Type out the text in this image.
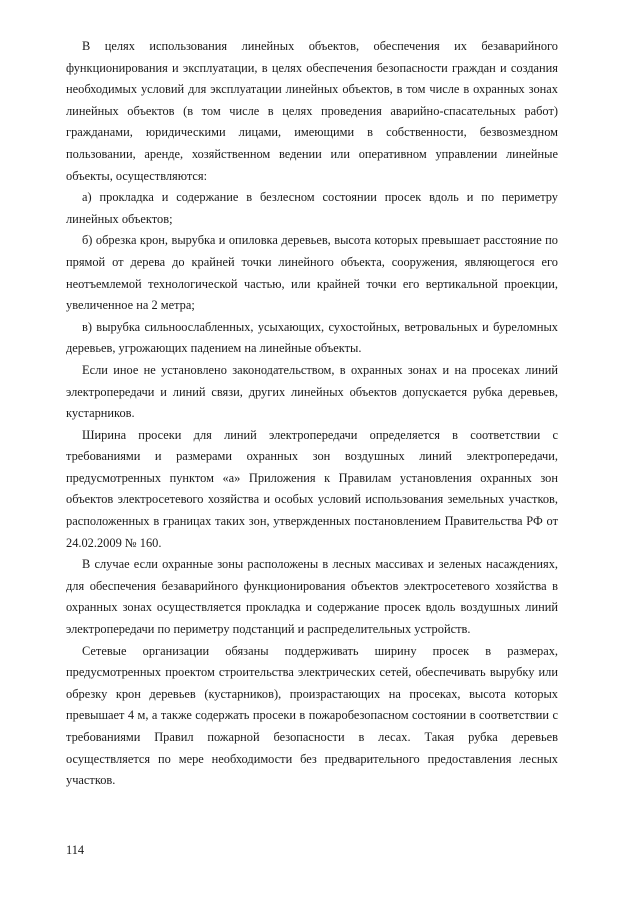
В целях использования линейных объектов, обеспечения их безаварийного функционирования и эксплуатации, в целях обеспечения безопасности граждан и создания необходимых условий для эксплуатации линейных объектов, в том числе в охранных зонах линейных объектов (в том числе в целях проведения аварийно-спасательных работ) гражданами, юридическими лицами, имеющими в собственности, безвозмездном пользовании, аренде, хозяйственном ведении или оперативном управлении линейные объекты, осуществляются:

а) прокладка и содержание в безлесном состоянии просек вдоль и по периметру линейных объектов;

б) обрезка крон, вырубка и опиловка деревьев, высота которых превышает расстояние по прямой от дерева до крайней точки линейного объекта, сооружения, являющегося его неотъемлемой технологической частью, или крайней точки его вертикальной проекции, увеличенное на 2 метра;

в) вырубка сильноослабленных, усыхающих, сухостойных, ветровальных и буреломных деревьев, угрожающих падением на линейные объекты.

Если иное не установлено законодательством, в охранных зонах и на просеках линий электропередачи и линий связи, других линейных объектов допускается рубка деревьев, кустарников.

Ширина просеки для линий электропередачи определяется в соответствии с требованиями и размерами охранных зон воздушных линий электропередачи, предусмотренных пунктом «а» Приложения к Правилам установления охранных зон объектов электросетевого хозяйства и особых условий использования земельных участков, расположенных в границах таких зон, утвержденных постановлением Правительства РФ от 24.02.2009 № 160.

В случае если охранные зоны расположены в лесных массивах и зеленых насаждениях, для обеспечения безаварийного функционирования объектов электросетевого хозяйства в охранных зонах осуществляется прокладка и содержание просек вдоль воздушных линий электропередачи по периметру подстанций и распределительных устройств.

Сетевые организации обязаны поддерживать ширину просек в размерах, предусмотренных проектом строительства электрических сетей, обеспечивать вырубку или обрезку крон деревьев (кустарников), произрастающих на просеках, высота которых превышает 4 м, а также содержать просеки в пожаробезопасном состоянии в соответствии с требованиями Правил пожарной безопасности в лесах. Такая рубка деревьев осуществляется по мере необходимости без предварительного предоставления лесных участков.

114
